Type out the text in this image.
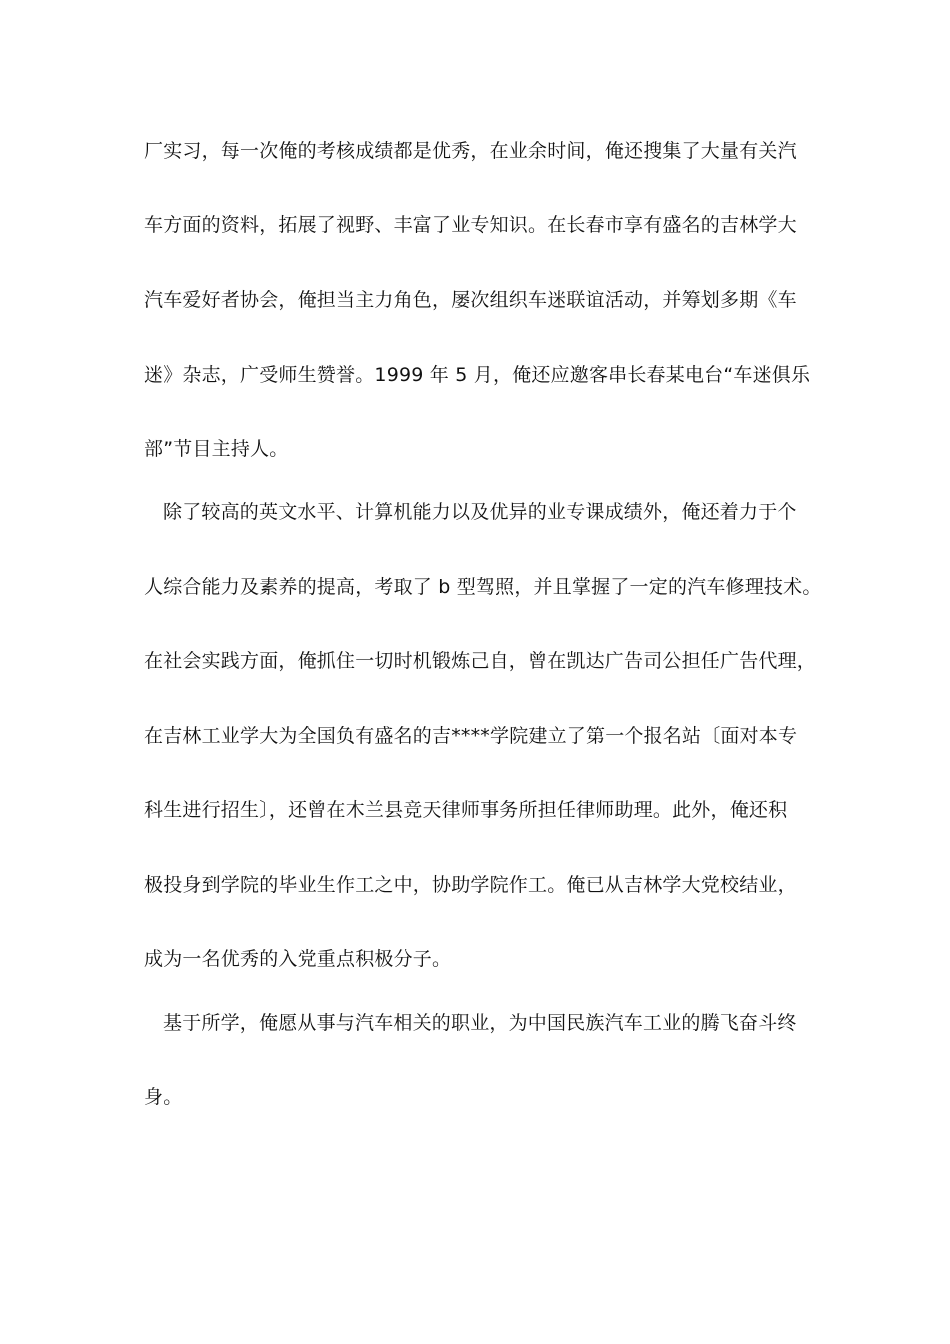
厂实习，每一次俺的考核成绩都是优秀，在业余时间，俺还搜集了大量有关汽
车方面的资料，拓展了视野、丰富了业专知识。在长春市享有盛名的吉林学大
汽车爱好者协会，俺担当主力角色，屡次组织车迷联谊活动，并筹划多期《车
迷》杂志，广受师生赞誉。1999 年 5 月，俺还应邀客串长春某电台“车迷俱乐
部”节目主持人。
除了较高的英文水平、计算机能力以及优异的业专课成绩外，俺还着力于个
人综合能力及素养的提高，考取了 b 型驾照，并且掌握了一定的汽车修理技术。
在社会实践方面，俺抓住一切时机锻炼己自，曾在凯达广告司公担任广告代理，
在吉林工业学大为全国负有盛名的吉****学院建立了第一个报名站〔面对本专
科生进行招生〕，还曾在木兰县竞天律师事务所担任律师助理。此外，俺还积
极投身到学院的毕业生作工之中，协助学院作工。俺已从吉林学大党校结业，
成为一名优秀的入党重点积极分子。
基于所学，俺愿从事与汽车相关的职业，为中国民族汽车工业的腾飞奋斗终
身。
